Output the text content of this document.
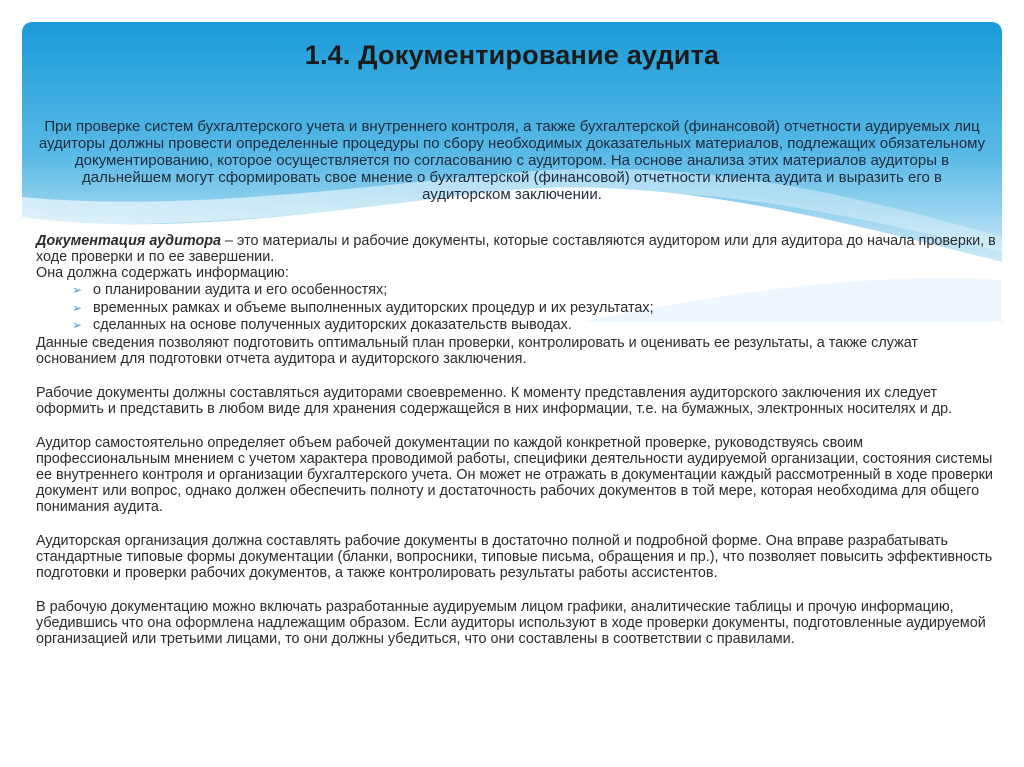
1.4. Документирование аудита

При проверке систем бухгалтерского учета и внутреннего контроля, а также бухгалтерской (финансовой) отчетности аудируемых лиц аудиторы должны провести определенные процедуры по сбору необходимых доказательных материалов, подлежащих обязательному документированию, которое осуществляется по согласованию с аудитором. На основе анализа этих материалов аудиторы в дальнейшем могут сформировать свое мнение о бухгалтерской (финансовой) отчетности клиента аудита и выразить его в аудиторском заключении.

Документация аудитора – это материалы и рабочие документы, которые составляются аудитором или для аудитора до начала проверки, в ходе проверки и по ее завершении.

Она должна содержать информацию:

➢ о планировании аудита и его особенностях;
➢ временных рамках и объеме выполненных аудиторских процедур и их результатах;
➢ сделанных на основе полученных аудиторских доказательств выводах.

Данные сведения позволяют подготовить оптимальный план проверки, контролировать и оценивать ее результаты, а также служат основанием для подготовки отчета аудитора и аудиторского заключения.

Рабочие документы должны составляться аудиторами своевременно. К моменту представления аудиторского заключения их следует оформить и представить в любом виде для хранения содержащейся в них информации, т.е. на бумажных, электронных носителях и др.

Аудитор самостоятельно определяет объем рабочей документации по каждой конкретной проверке, руководствуясь своим профессиональным мнением с учетом характера проводимой работы, специфики деятельности аудируемой организации, состояния системы ее внутреннего контроля и организации бухгалтерского учета. Он может не отражать в документации каждый рассмотренный в ходе проверки документ или вопрос, однако должен обеспечить полноту и достаточность рабочих документов в той мере, которая необходима для общего понимания аудита.

Аудиторская организация должна составлять рабочие документы в достаточно полной и подробной форме. Она вправе разрабатывать стандартные типовые формы документации (бланки, вопросники, типовые письма, обращения и пр.), что позволяет повысить эффективность подготовки и проверки рабочих документов, а также контролировать результаты работы ассистентов.

В рабочую документацию можно включать разработанные аудируемым лицом графики, аналитические таблицы и прочую информацию, убедившись что она оформлена надлежащим образом. Если аудиторы используют в ходе проверки документы, подготовленные аудируемой организацией или третьими лицами, то они должны убедиться, что они составлены в соответствии с правилами.
